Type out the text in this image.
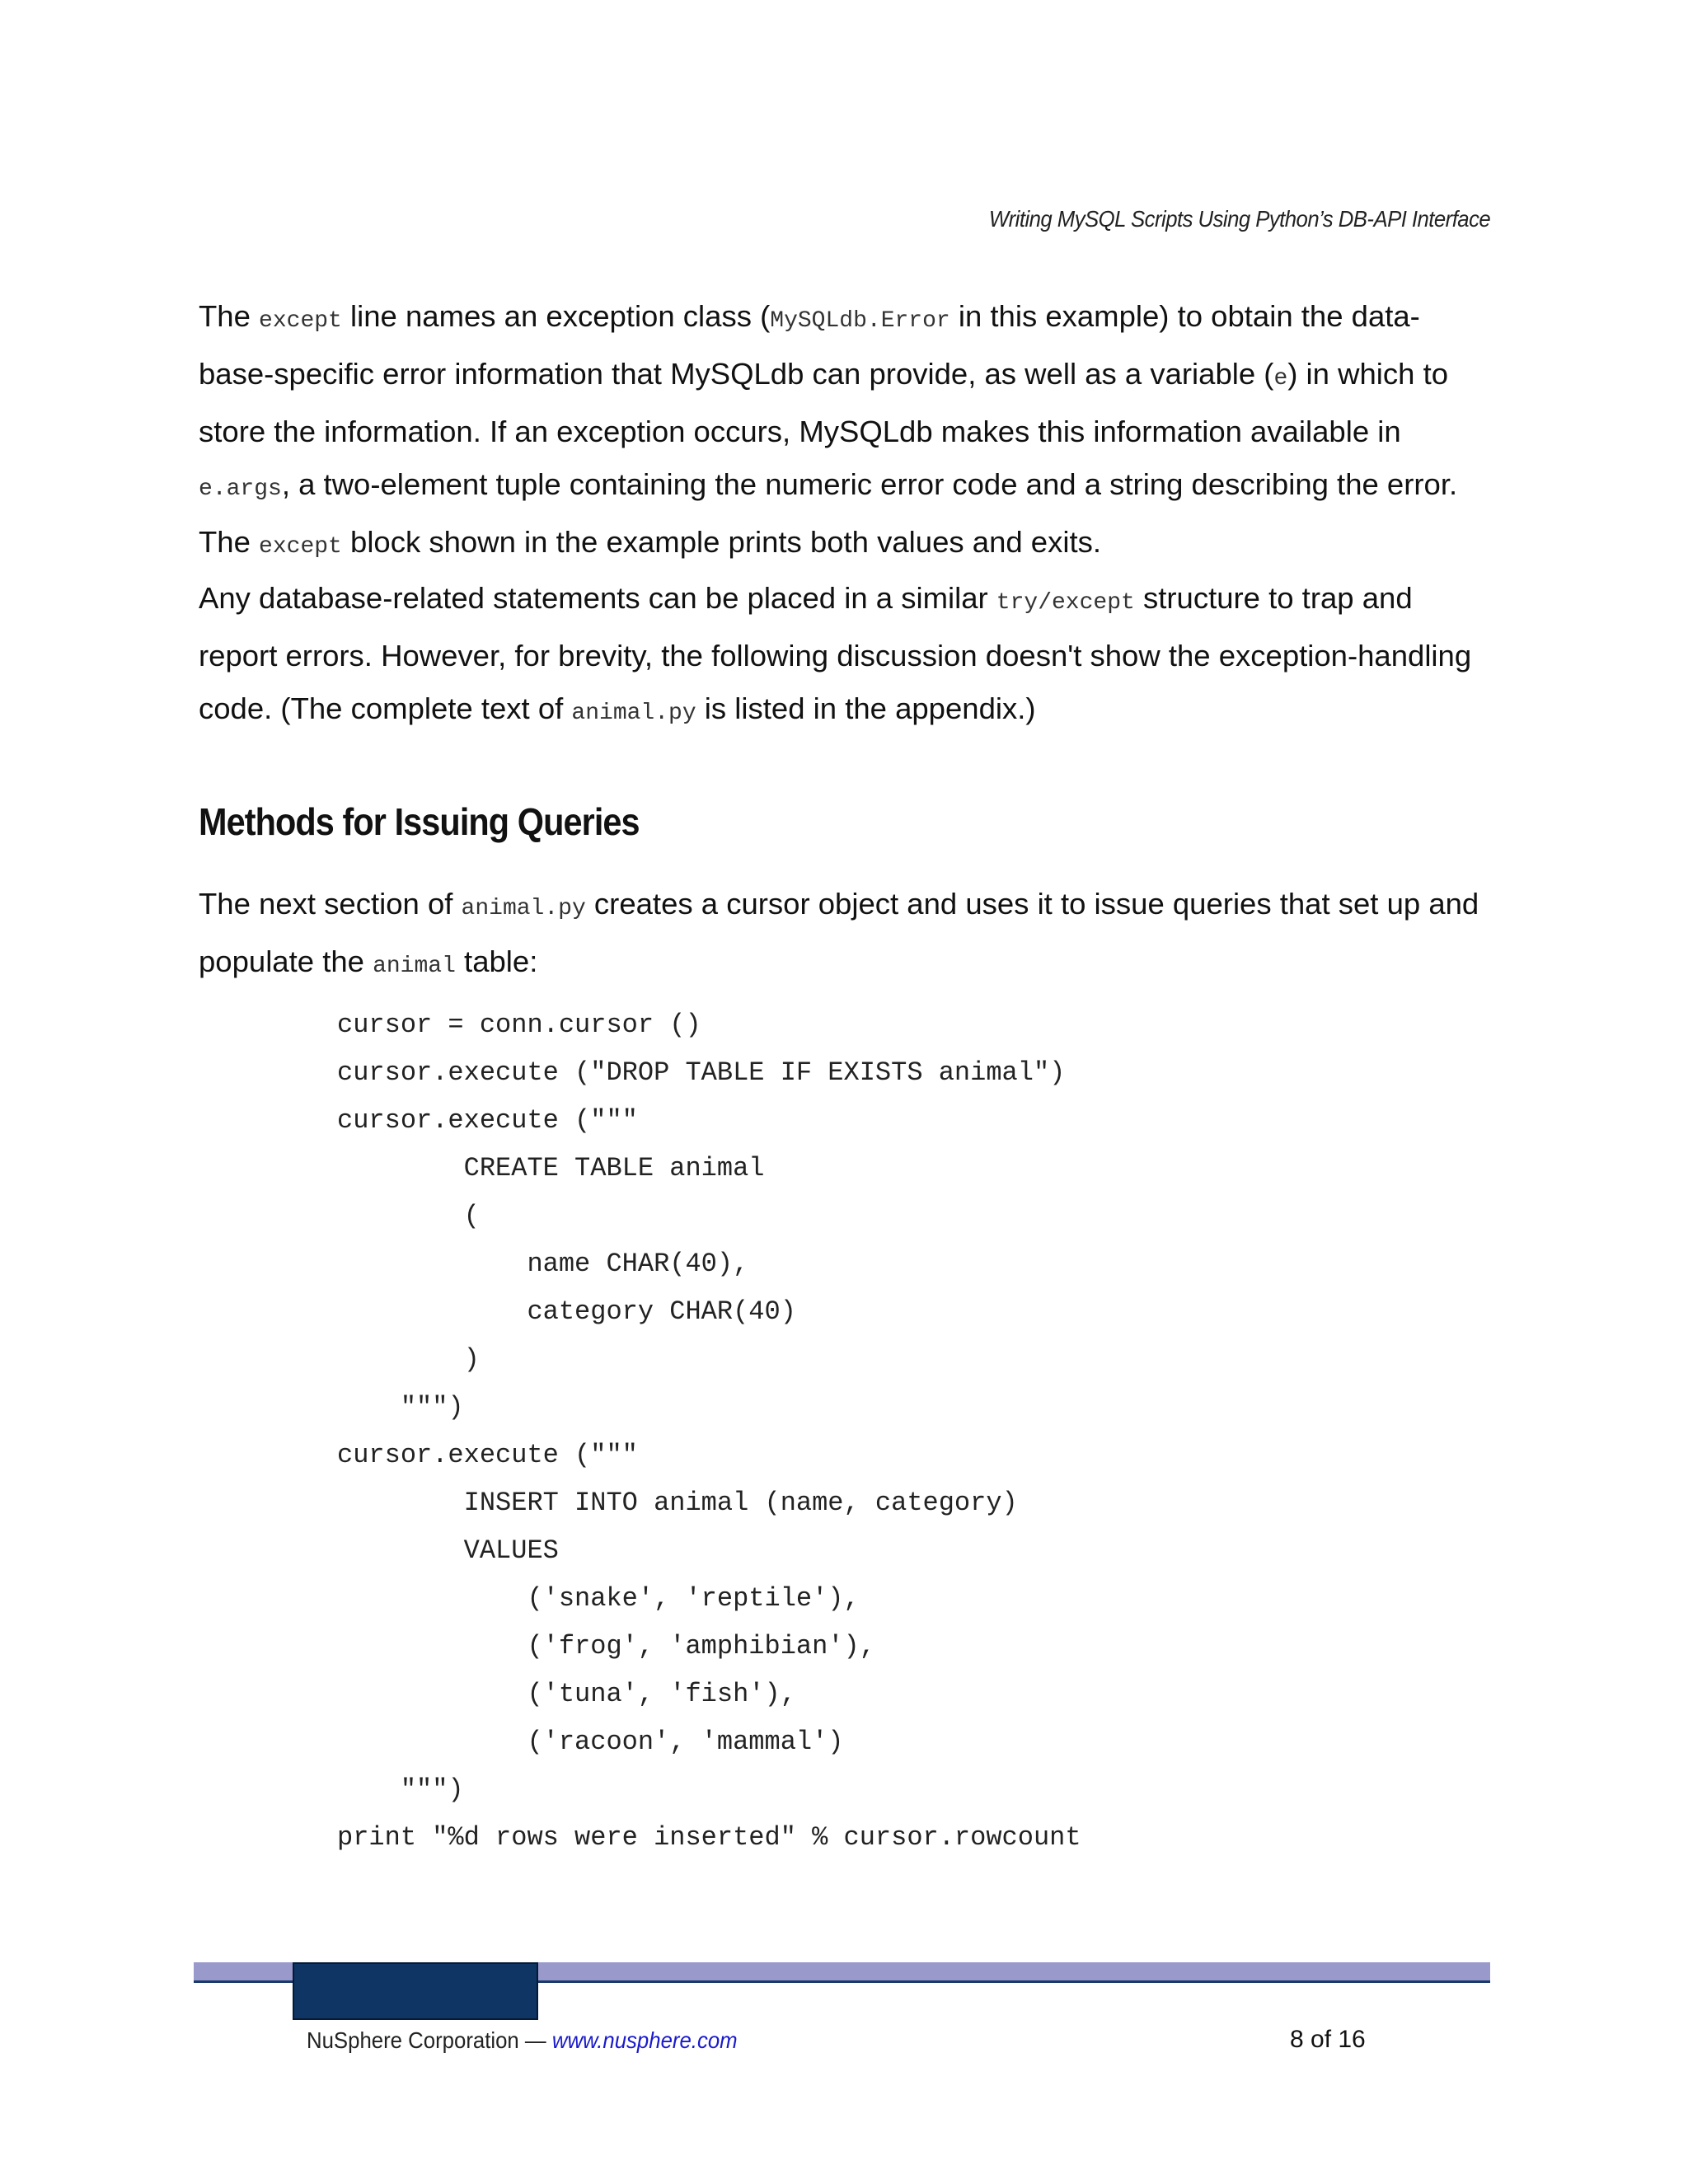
Writing MySQL Scripts Using Python’s DB-API Interface

The except line names an exception class (MySQLdb.Error in this example) to obtain the data-base-specific error information that MySQLdb can provide, as well as a variable (e) in which to store the information. If an exception occurs, MySQLdb makes this information available in e.args, a two-element tuple containing the numeric error code and a string describing the error. The except block shown in the example prints both values and exits.

Any database-related statements can be placed in a similar try/except structure to trap and report errors. However, for brevity, the following discussion doesn't show the exception-handling code. (The complete text of animal.py is listed in the appendix.)

Methods for Issuing Queries

The next section of animal.py creates a cursor object and uses it to issue queries that set up and populate the animal table:

cursor = conn.cursor ()
cursor.execute ("DROP TABLE IF EXISTS animal")
cursor.execute ("""
CREATE TABLE animal
(
name CHAR(40),
category CHAR(40)
)
""")
cursor.execute ("""
INSERT INTO animal (name, category)
VALUES
('snake', 'reptile'),
('frog', 'amphibian'),
('tuna', 'fish'),
('racoon', 'mammal')
""")
print "%d rows were inserted" % cursor.rowcount
NuSphere Corporation — www.nusphere.com	8 of 16
